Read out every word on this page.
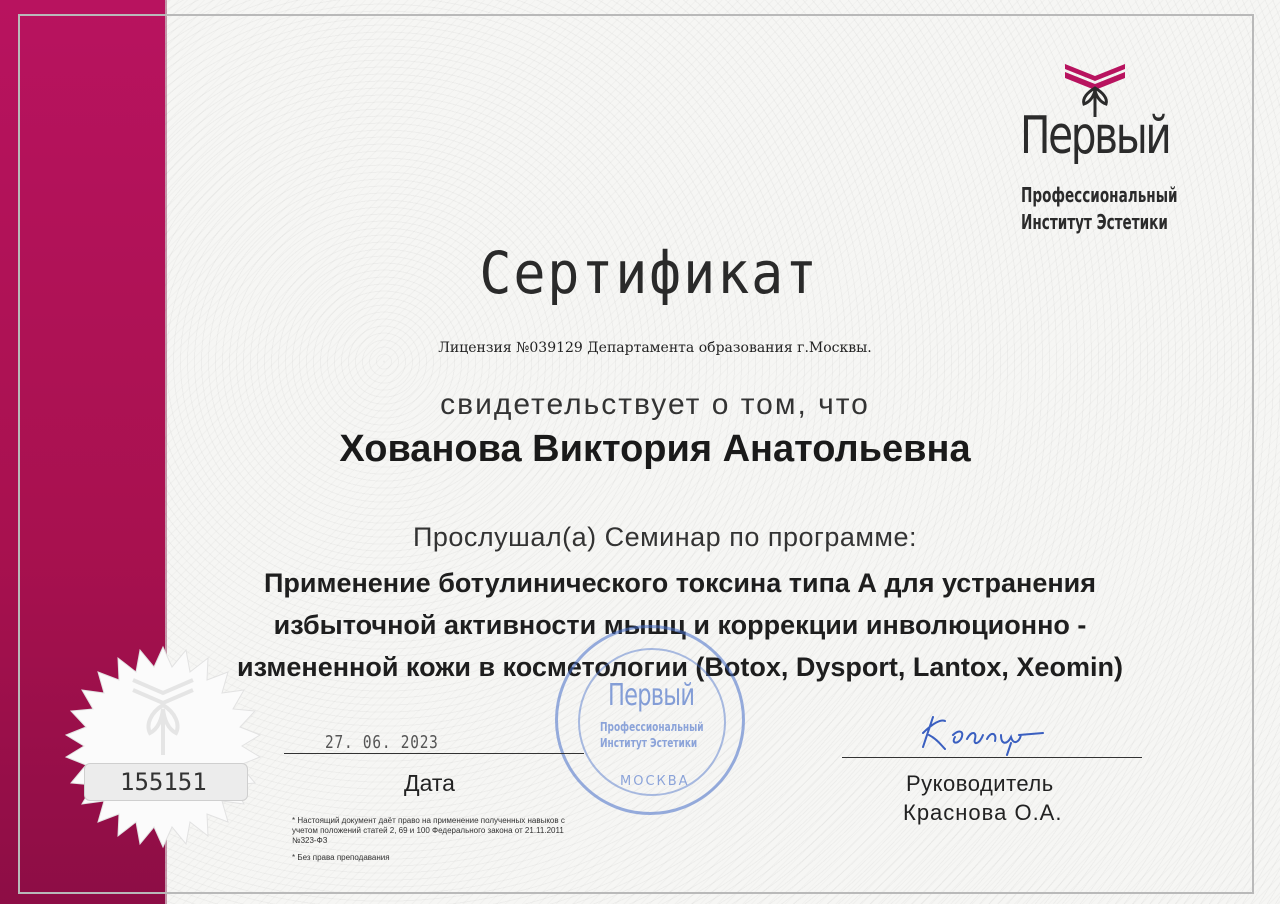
Первый
Профессиональный
Институт Эстетики
Сертификат
Лицензия №039129 Департамента образования г.Москвы.
свидетельствует о том, что
Хованова Виктория Анатольевна
Прослушал(а) Семинар по программе:
Применение ботулинического токсина типа А для устранения
избыточной активности мышц и коррекции инволюционно -
измененной кожи в косметологии (Botox, Dysport, Lantox, Xeomin)
Первый
Профессиональный
Институт Эстетики
МОСКВА
27. 06. 2023
Дата	Руководитель
Краснова О.А.
* Настоящий документ даёт право на применение полученных навыков с учетом положений статей 2, 69 и 100 Федерального закона от 21.11.2011 №323-ФЗ
* Без права преподавания
155151
